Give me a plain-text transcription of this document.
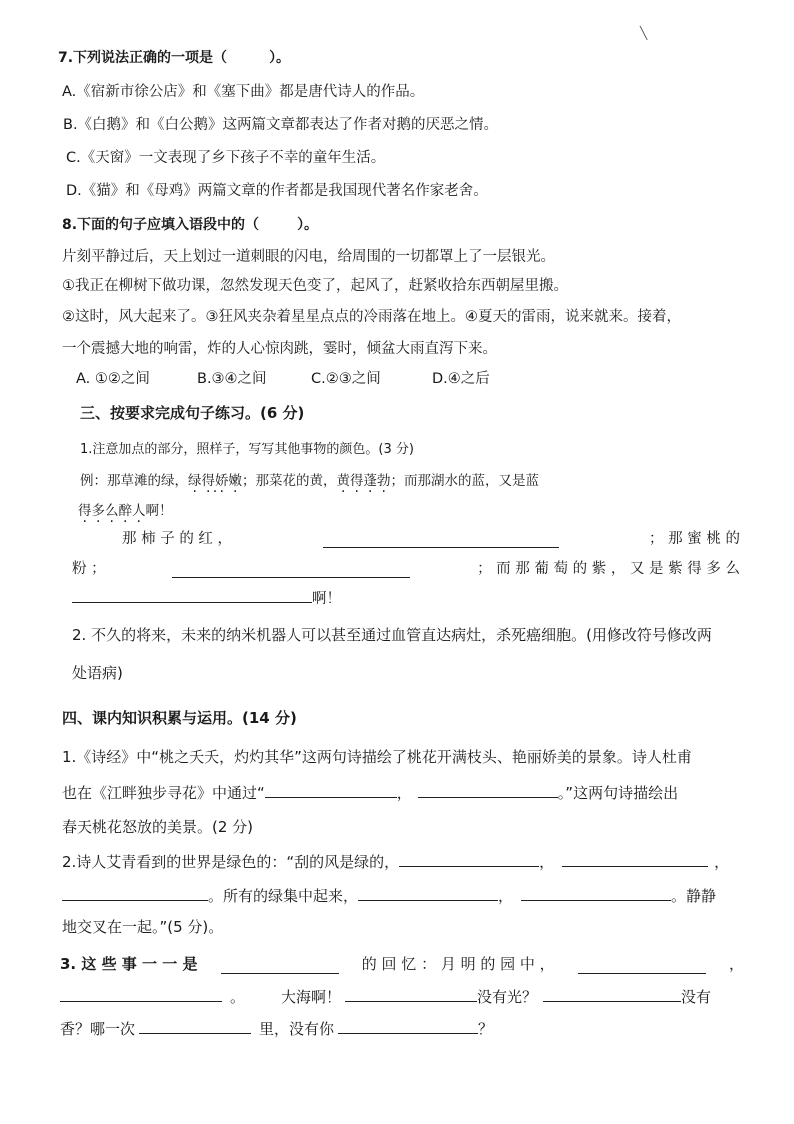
╲
7.下列说法正确的一项是（	）。
A.《宿新市徐公店》和《塞下曲》都是唐代诗人的作品。
B.《白鹅》和《白公鹅》这两篇文章都表达了作者对鹅的厌恶之情。
C.《天窗》一文表现了乡下孩子不幸的童年生活。
D.《猫》和《母鸡》两篇文章的作者都是我国现代著名作家老舍。
8.下面的句子应填入语段中的（	）。
片刻平静过后，天上划过一道刺眼的闪电，给周围的一切都罩上了一层银光。
①我正在柳树下做功课，忽然发现天色变了，起风了，赶紧收拾东西朝屋里搬。
②这时，风大起来了。③狂风夹杂着星星点点的冷雨落在地上。④夏天的雷雨，说来就来。接着，
一个震撼大地的响雷，炸的人心惊肉跳，霎时，倾盆大雨直泻下来。
A. ①②之间	B.③④之间	C.②③之间	D.④之后
三、按要求完成句子练习。(6 分)
1.注意加点的部分，照样子，写写其他事物的颜色。(3 分)
例：那草滩的绿，绿得娇嫩；那菜花的黄，黄得蓬勃；而那湖水的蓝，又是蓝
得多么醉人啊！
那 柿 子 的 红 ，	； 那 蜜 桃 的
粉 ；	； 而 那 葡 萄 的 紫 ， 又 是 紫 得 多 么
啊！
2. 不久的将来，未来的纳米机器人可以甚至通过血管直达病灶，杀死癌细胞。(用修改符号修改两
处语病)
四、课内知识积累与运用。(14 分)
1.《诗经》中“桃之夭夭，灼灼其华”这两句诗描绘了桃花开满枝头、艳丽娇美的景象。诗人杜甫
也在《江畔独步寻花》中通过“	，	。”这两句诗描绘出
春天桃花怒放的美景。(2 分)
2.诗人艾青看到的世界是绿色的：“刮的风是绿的，	，	，
。所有的绿集中起来，	，	。静静
地交叉在一起。”(5 分)。
3. 这 些 事 一 一 是	的 回 忆 ： 月 明 的 园 中 ，	，
。 大海啊！	没有光？	没有
香？哪一次	里，没有你	？
